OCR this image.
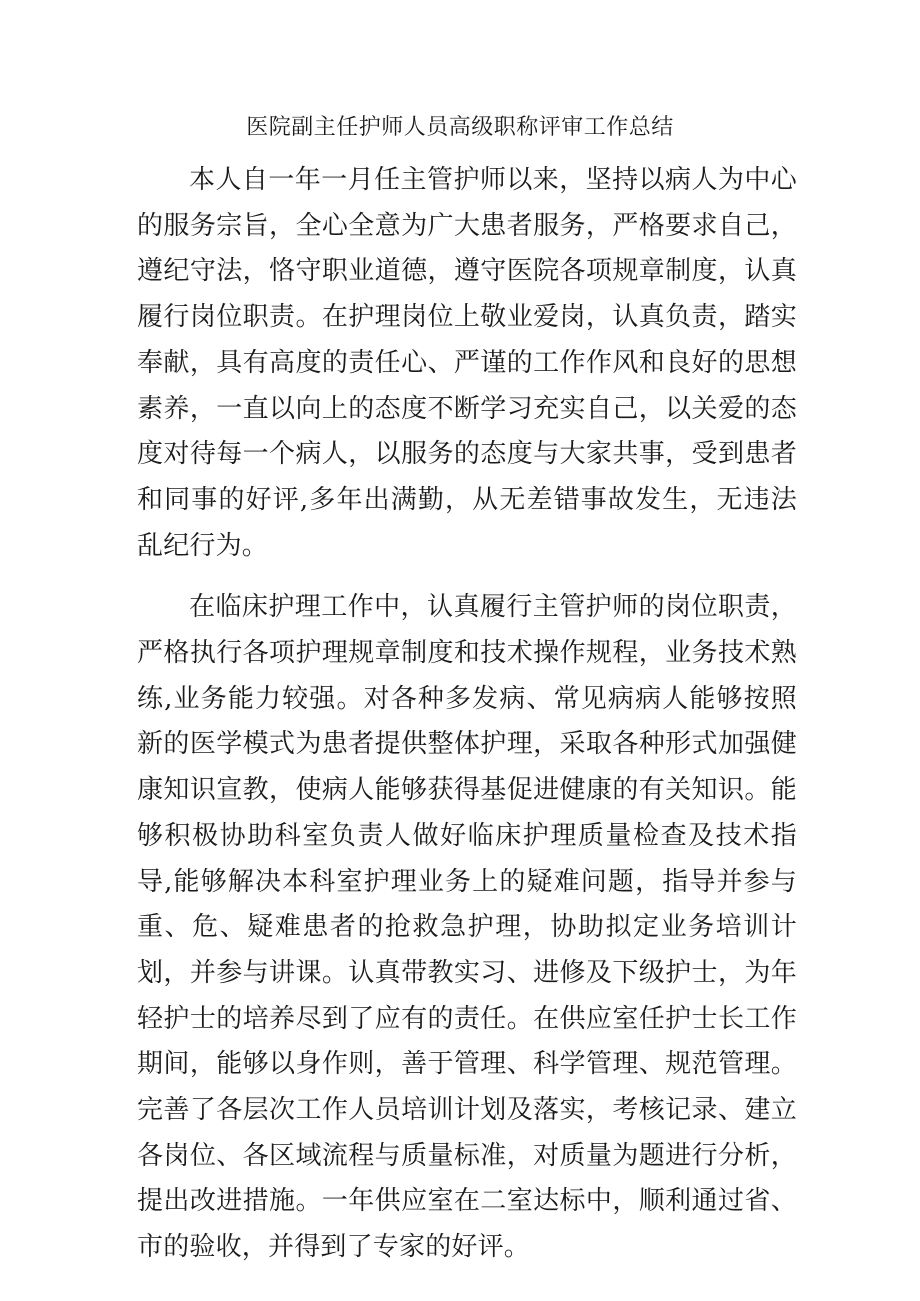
医院副主任护师人员高级职称评审工作总结

本人自一年一月任主管护师以来，坚持以病人为中心的服务宗旨，全心全意为广大患者服务，严格要求自己，遵纪守法，恪守职业道德，遵守医院各项规章制度，认真履行岗位职责。在护理岗位上敬业爱岗，认真负责，踏实奉献，具有高度的责任心、严谨的工作作风和良好的思想素养，一直以向上的态度不断学习充实自己，以关爱的态度对待每一个病人，以服务的态度与大家共事，受到患者和同事的好评,多年出满勤，从无差错事故发生，无违法乱纪行为。

在临床护理工作中，认真履行主管护师的岗位职责，严格执行各项护理规章制度和技术操作规程，业务技术熟练,业务能力较强。对各种多发病、常见病病人能够按照新的医学模式为患者提供整体护理，采取各种形式加强健康知识宣教，使病人能够获得基促进健康的有关知识。能够积极协助科室负责人做好临床护理质量检查及技术指导,能够解决本科室护理业务上的疑难问题，指导并参与重、危、疑难患者的抢救急护理，协助拟定业务培训计划，并参与讲课。认真带教实习、进修及下级护士，为年轻护士的培养尽到了应有的责任。在供应室任护士长工作期间，能够以身作则，善于管理、科学管理、规范管理。完善了各层次工作人员培训计划及落实，考核记录、建立各岗位、各区域流程与质量标准，对质量为题进行分析，提出改进措施。一年供应室在二室达标中，顺利通过省、市的验收，并得到了专家的好评。
